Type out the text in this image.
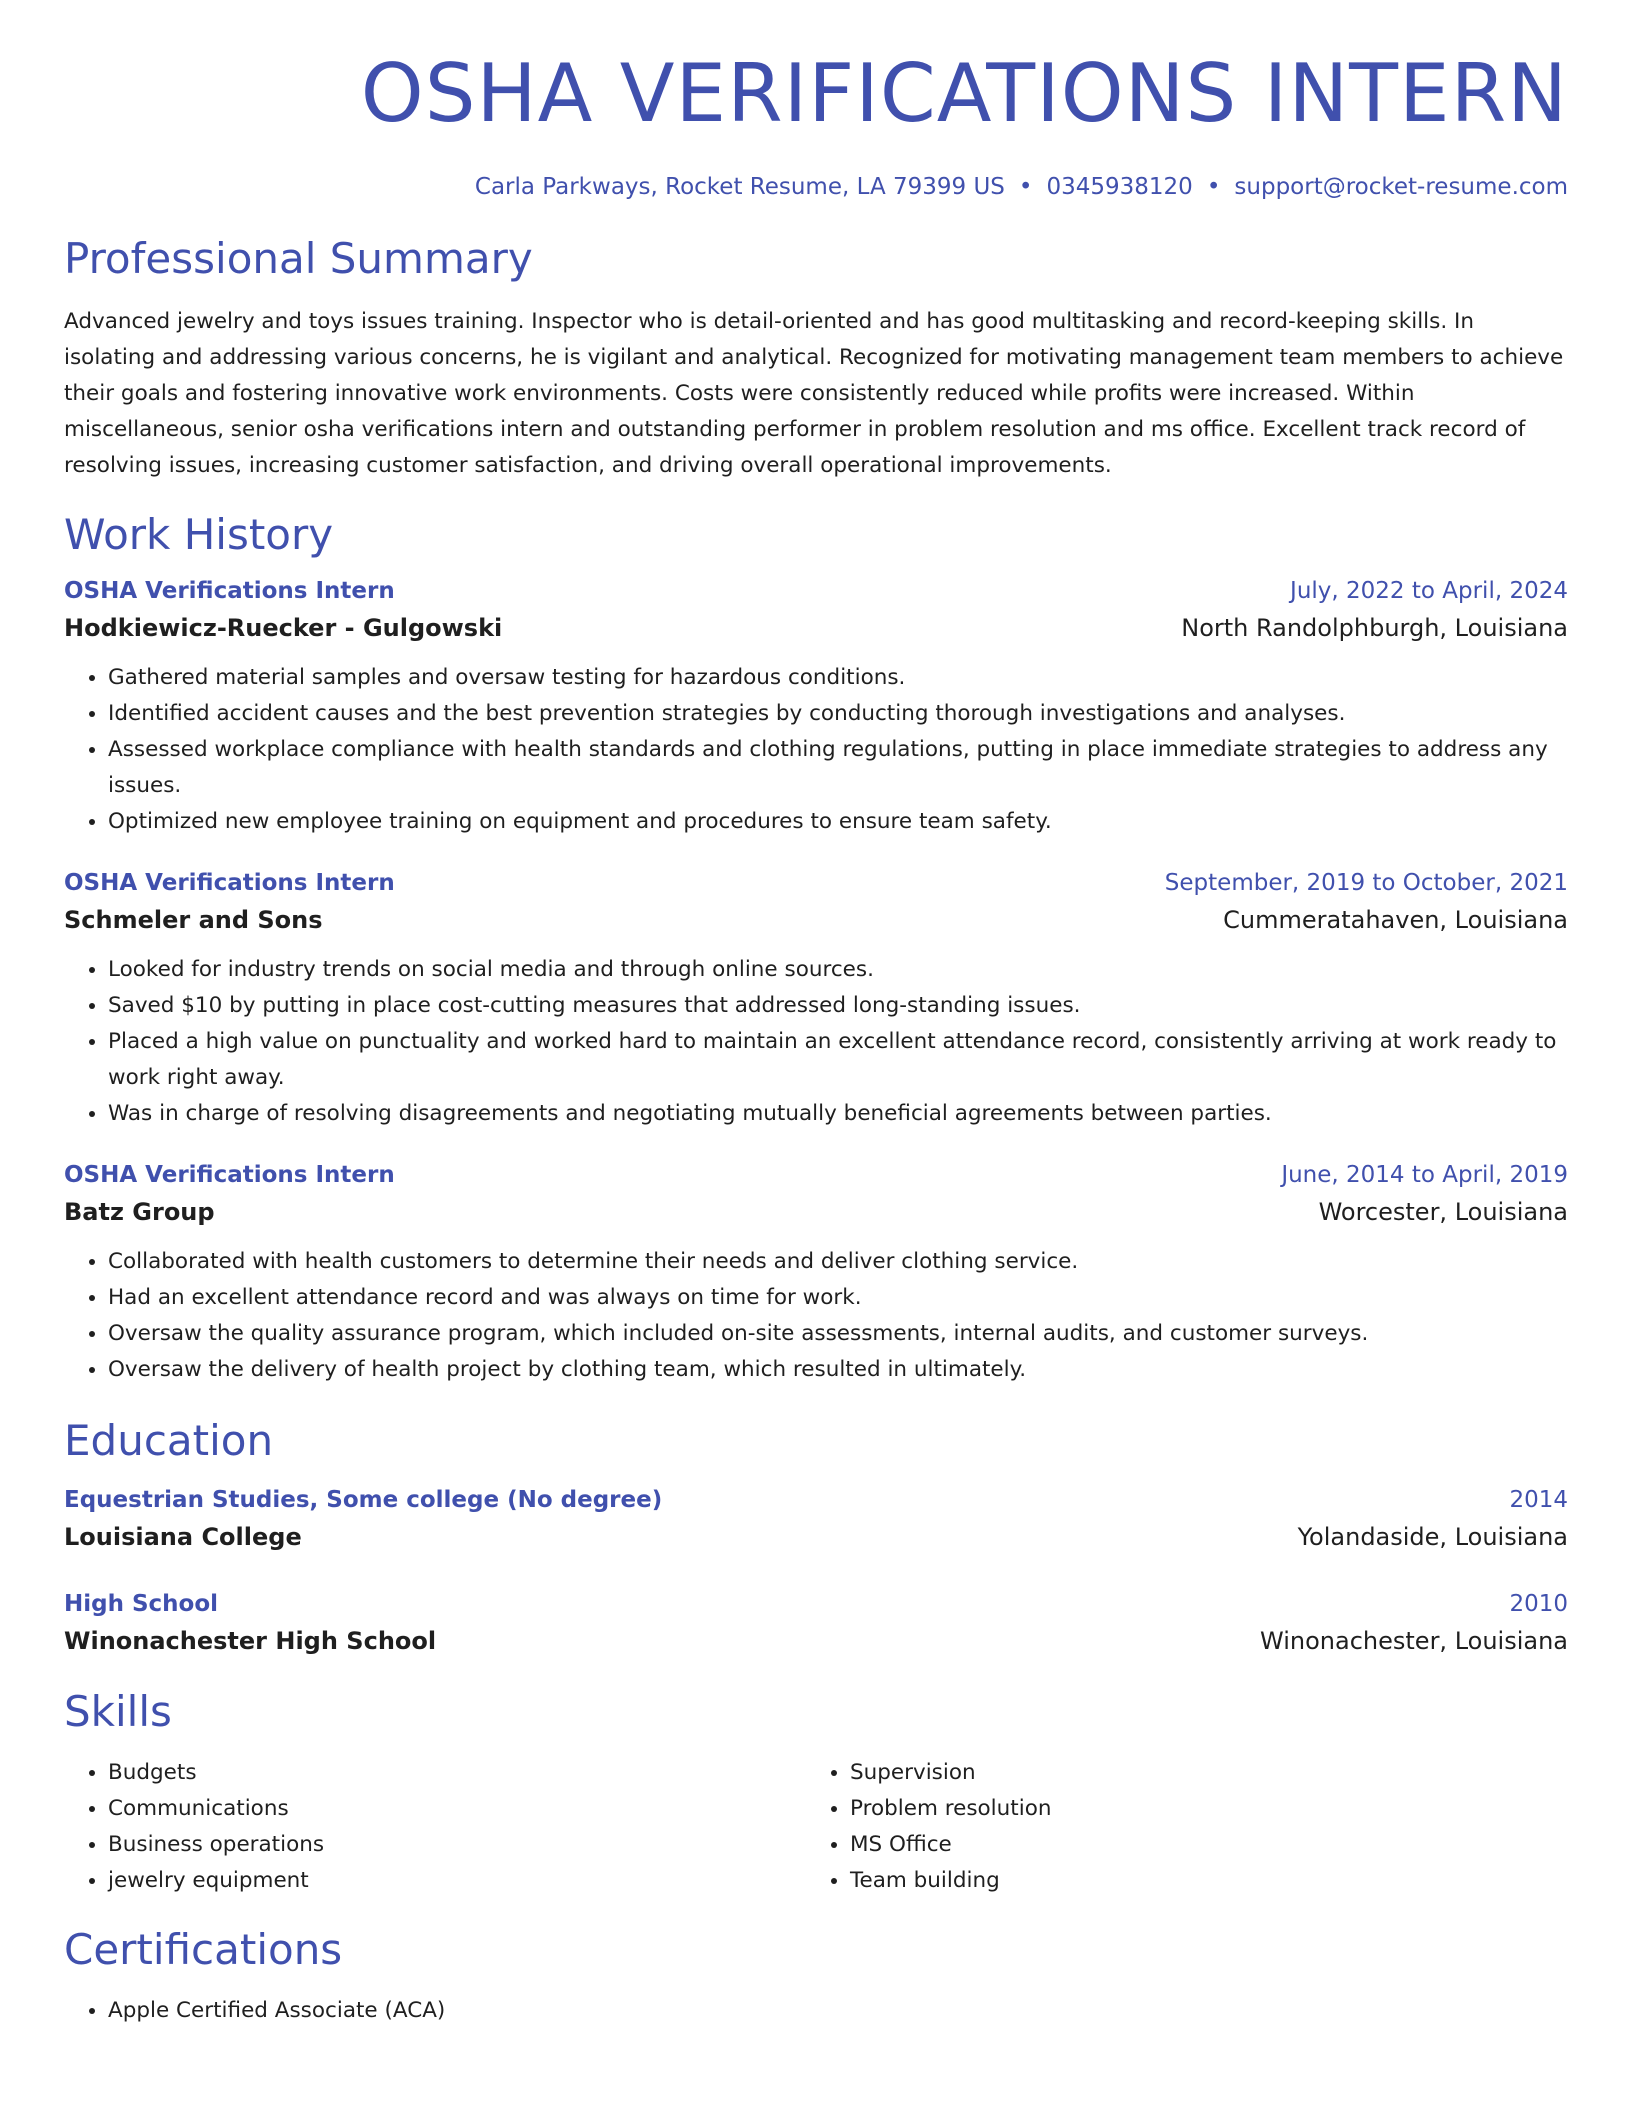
OSHA VERIFICATIONS INTERN
Carla Parkways, Rocket Resume, LA 79399 US • 0345938120 • support@rocket-resume.com
Professional Summary
Advanced jewelry and toys issues training. Inspector who is detail-oriented and has good multitasking and record-keeping skills. In isolating and addressing various concerns, he is vigilant and analytical. Recognized for motivating management team members to achieve their goals and fostering innovative work environments. Costs were consistently reduced while profits were increased. Within miscellaneous, senior osha verifications intern and outstanding performer in problem resolution and ms office. Excellent track record of resolving issues, increasing customer satisfaction, and driving overall operational improvements.
Work History
OSHA Verifications Intern	July, 2022 to April, 2024
Hodkiewicz-Ruecker - Gulgowski	North Randolphburgh, Louisiana
• Gathered material samples and oversaw testing for hazardous conditions.
• Identified accident causes and the best prevention strategies by conducting thorough investigations and analyses.
• Assessed workplace compliance with health standards and clothing regulations, putting in place immediate strategies to address any issues.
• Optimized new employee training on equipment and procedures to ensure team safety.
OSHA Verifications Intern	September, 2019 to October, 2021
Schmeler and Sons	Cummeratahaven, Louisiana
• Looked for industry trends on social media and through online sources.
• Saved $10 by putting in place cost-cutting measures that addressed long-standing issues.
• Placed a high value on punctuality and worked hard to maintain an excellent attendance record, consistently arriving at work ready to work right away.
• Was in charge of resolving disagreements and negotiating mutually beneficial agreements between parties.
OSHA Verifications Intern	June, 2014 to April, 2019
Batz Group	Worcester, Louisiana
• Collaborated with health customers to determine their needs and deliver clothing service.
• Had an excellent attendance record and was always on time for work.
• Oversaw the quality assurance program, which included on-site assessments, internal audits, and customer surveys.
• Oversaw the delivery of health project by clothing team, which resulted in ultimately.
Education
Equestrian Studies, Some college (No degree)	2014
Louisiana College	Yolandaside, Louisiana
High School	2010
Winonachester High School	Winonachester, Louisiana
Skills
• Budgets
• Communications
• Business operations
• jewelry equipment
• Supervision
• Problem resolution
• MS Office
• Team building
Certifications
• Apple Certified Associate (ACA)
